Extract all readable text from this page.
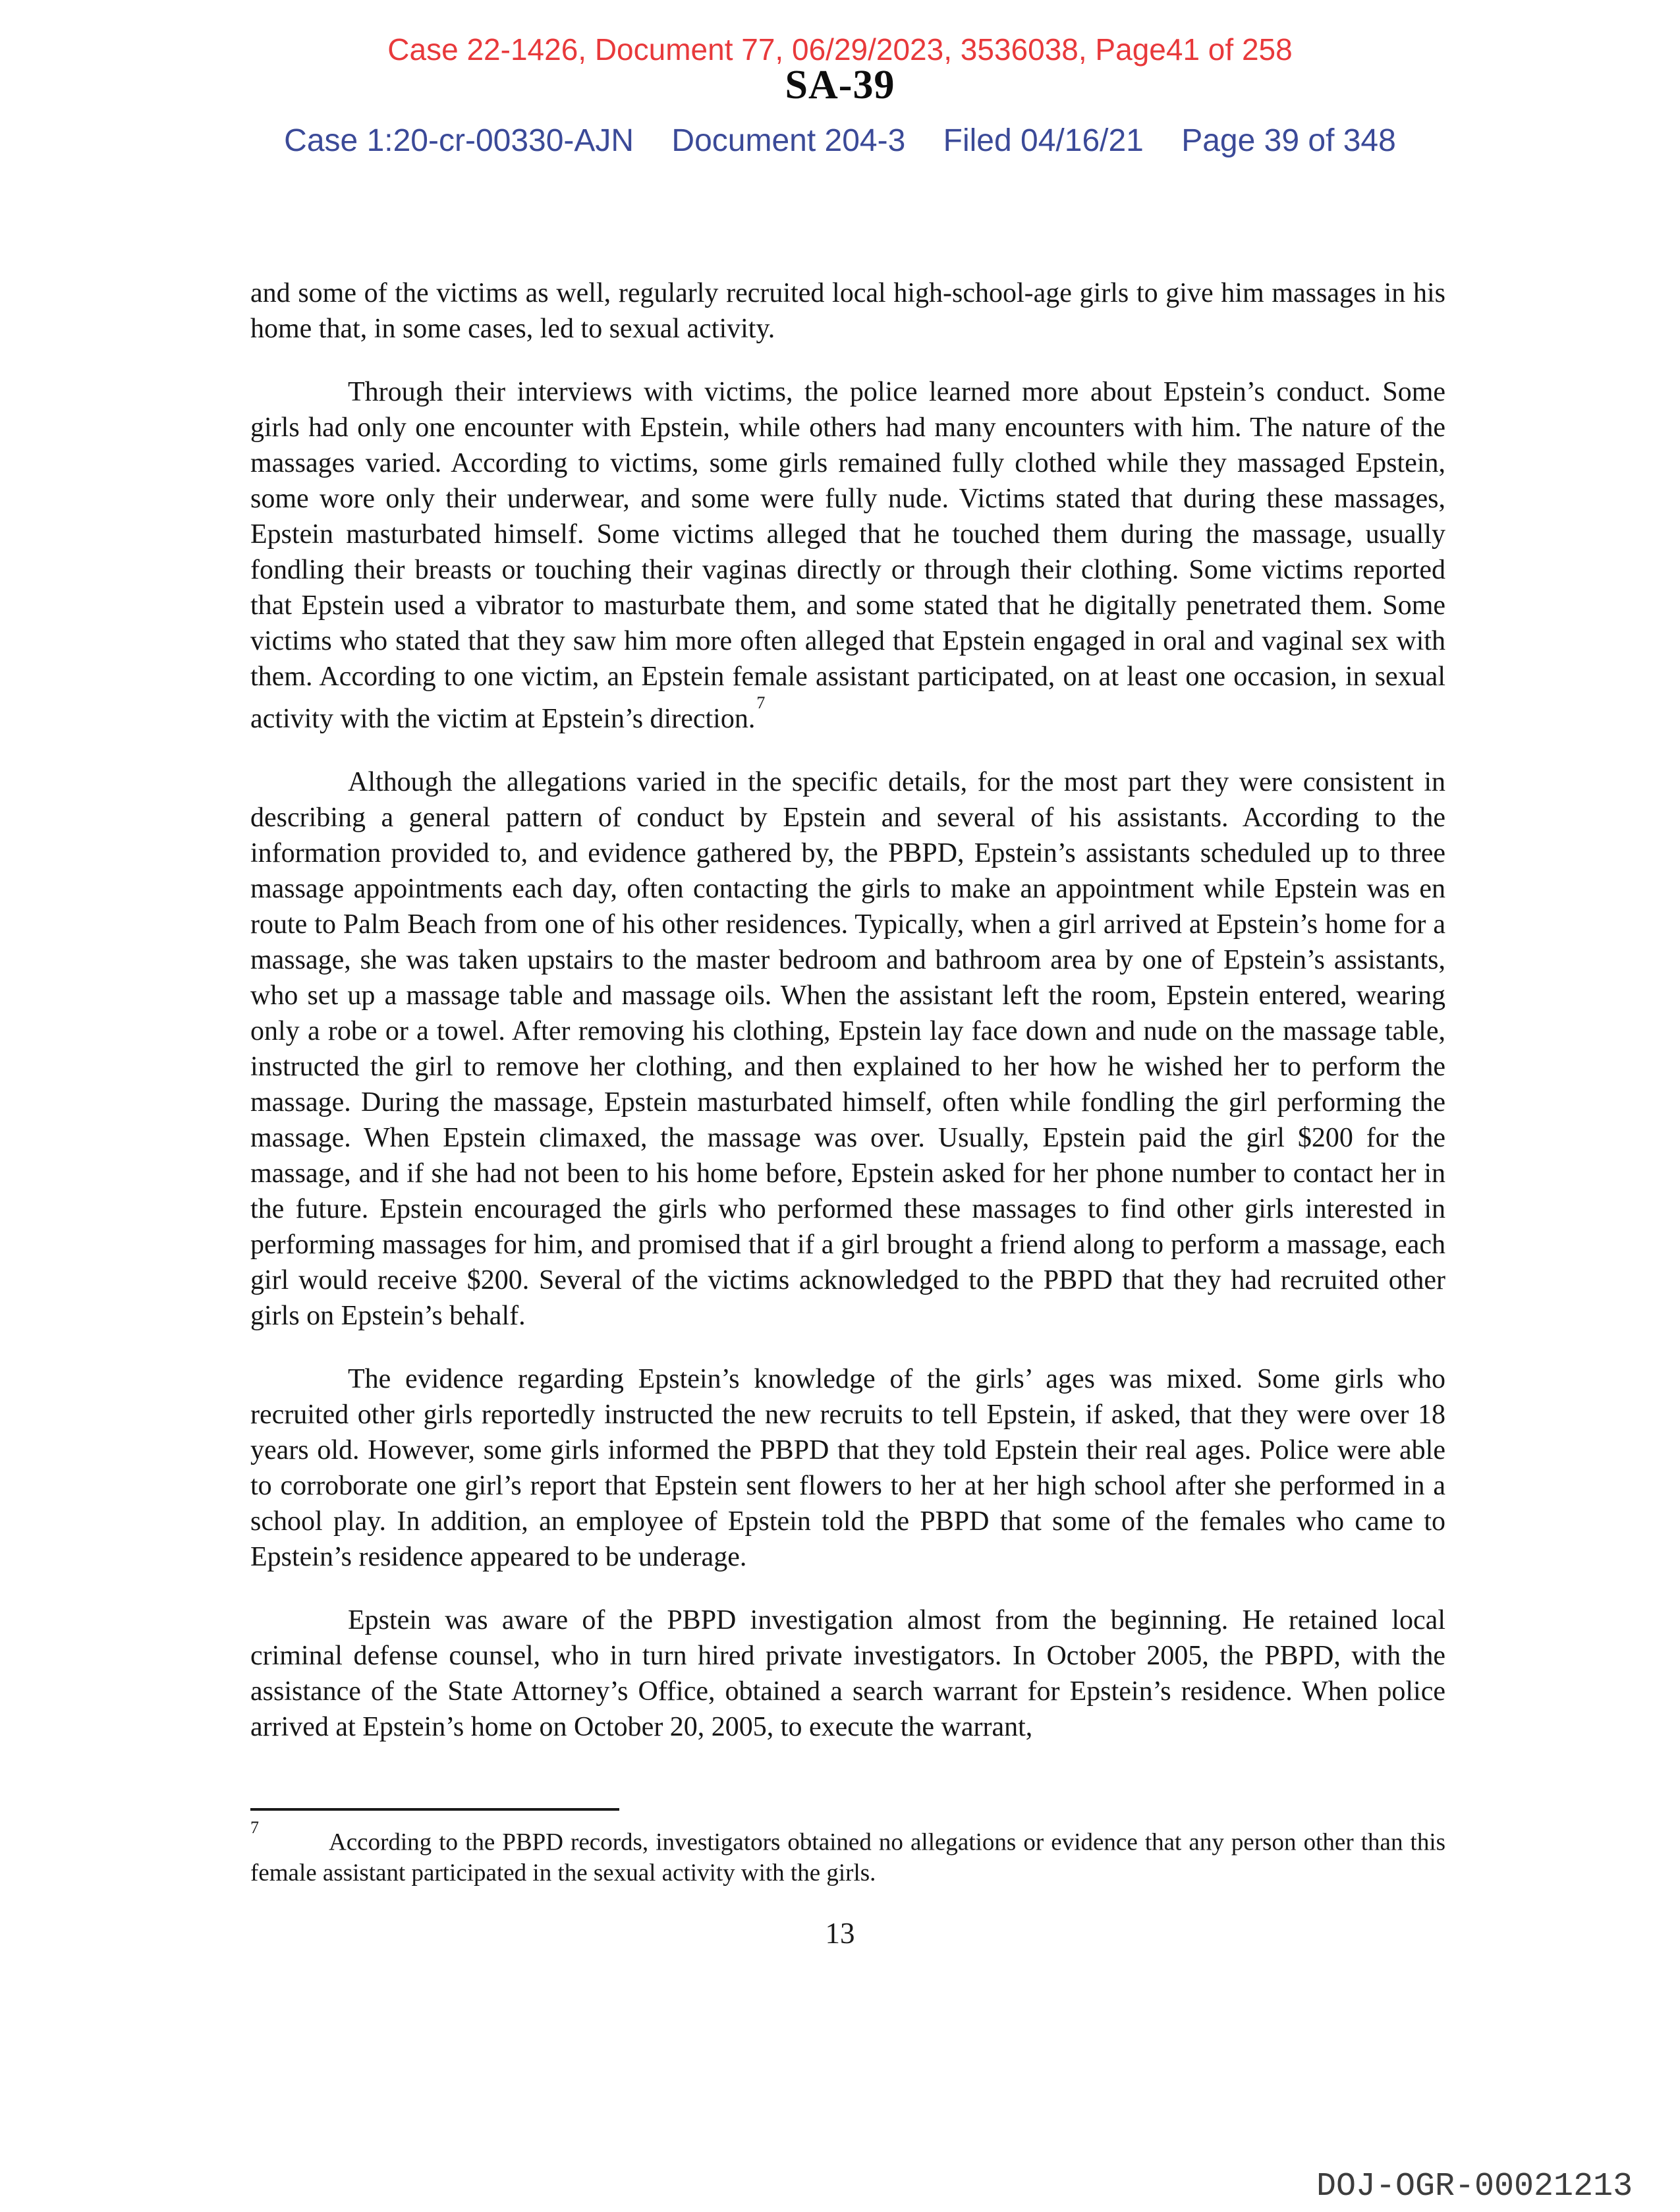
Case 22-1426, Document 77, 06/29/2023, 3536038, Page41 of 258
SA-39
Case 1:20-cr-00330-AJN Document 204-3 Filed 04/16/21 Page 39 of 348

and some of the victims as well, regularly recruited local high-school-age girls to give him massages in his home that, in some cases, led to sexual activity.

Through their interviews with victims, the police learned more about Epstein’s conduct. Some girls had only one encounter with Epstein, while others had many encounters with him. The nature of the massages varied. According to victims, some girls remained fully clothed while they massaged Epstein, some wore only their underwear, and some were fully nude. Victims stated that during these massages, Epstein masturbated himself. Some victims alleged that he touched them during the massage, usually fondling their breasts or touching their vaginas directly or through their clothing. Some victims reported that Epstein used a vibrator to masturbate them, and some stated that he digitally penetrated them. Some victims who stated that they saw him more often alleged that Epstein engaged in oral and vaginal sex with them. According to one victim, an Epstein female assistant participated, on at least one occasion, in sexual activity with the victim at Epstein’s direction.$^7$

Although the allegations varied in the specific details, for the most part they were consistent in describing a general pattern of conduct by Epstein and several of his assistants. According to the information provided to, and evidence gathered by, the PBPD, Epstein’s assistants scheduled up to three massage appointments each day, often contacting the girls to make an appointment while Epstein was en route to Palm Beach from one of his other residences. Typically, when a girl arrived at Epstein’s home for a massage, she was taken upstairs to the master bedroom and bathroom area by one of Epstein’s assistants, who set up a massage table and massage oils. When the assistant left the room, Epstein entered, wearing only a robe or a towel. After removing his clothing, Epstein lay face down and nude on the massage table, instructed the girl to remove her clothing, and then explained to her how he wished her to perform the massage. During the massage, Epstein masturbated himself, often while fondling the girl performing the massage. When Epstein climaxed, the massage was over. Usually, Epstein paid the girl $200 for the massage, and if she had not been to his home before, Epstein asked for her phone number to contact her in the future. Epstein encouraged the girls who performed these massages to find other girls interested in performing massages for him, and promised that if a girl brought a friend along to perform a massage, each girl would receive $200. Several of the victims acknowledged to the PBPD that they had recruited other girls on Epstein’s behalf.

The evidence regarding Epstein’s knowledge of the girls’ ages was mixed. Some girls who recruited other girls reportedly instructed the new recruits to tell Epstein, if asked, that they were over 18 years old. However, some girls informed the PBPD that they told Epstein their real ages. Police were able to corroborate one girl’s report that Epstein sent flowers to her at her high school after she performed in a school play. In addition, an employee of Epstein told the PBPD that some of the females who came to Epstein’s residence appeared to be underage.

Epstein was aware of the PBPD investigation almost from the beginning. He retained local criminal defense counsel, who in turn hired private investigators. In October 2005, the PBPD, with the assistance of the State Attorney’s Office, obtained a search warrant for Epstein’s residence. When police arrived at Epstein’s home on October 20, 2005, to execute the warrant,

$^7$According to the PBPD records, investigators obtained no allegations or evidence that any person other than this female assistant participated in the sexual activity with the girls.
13
DOJ-OGR-00021213
